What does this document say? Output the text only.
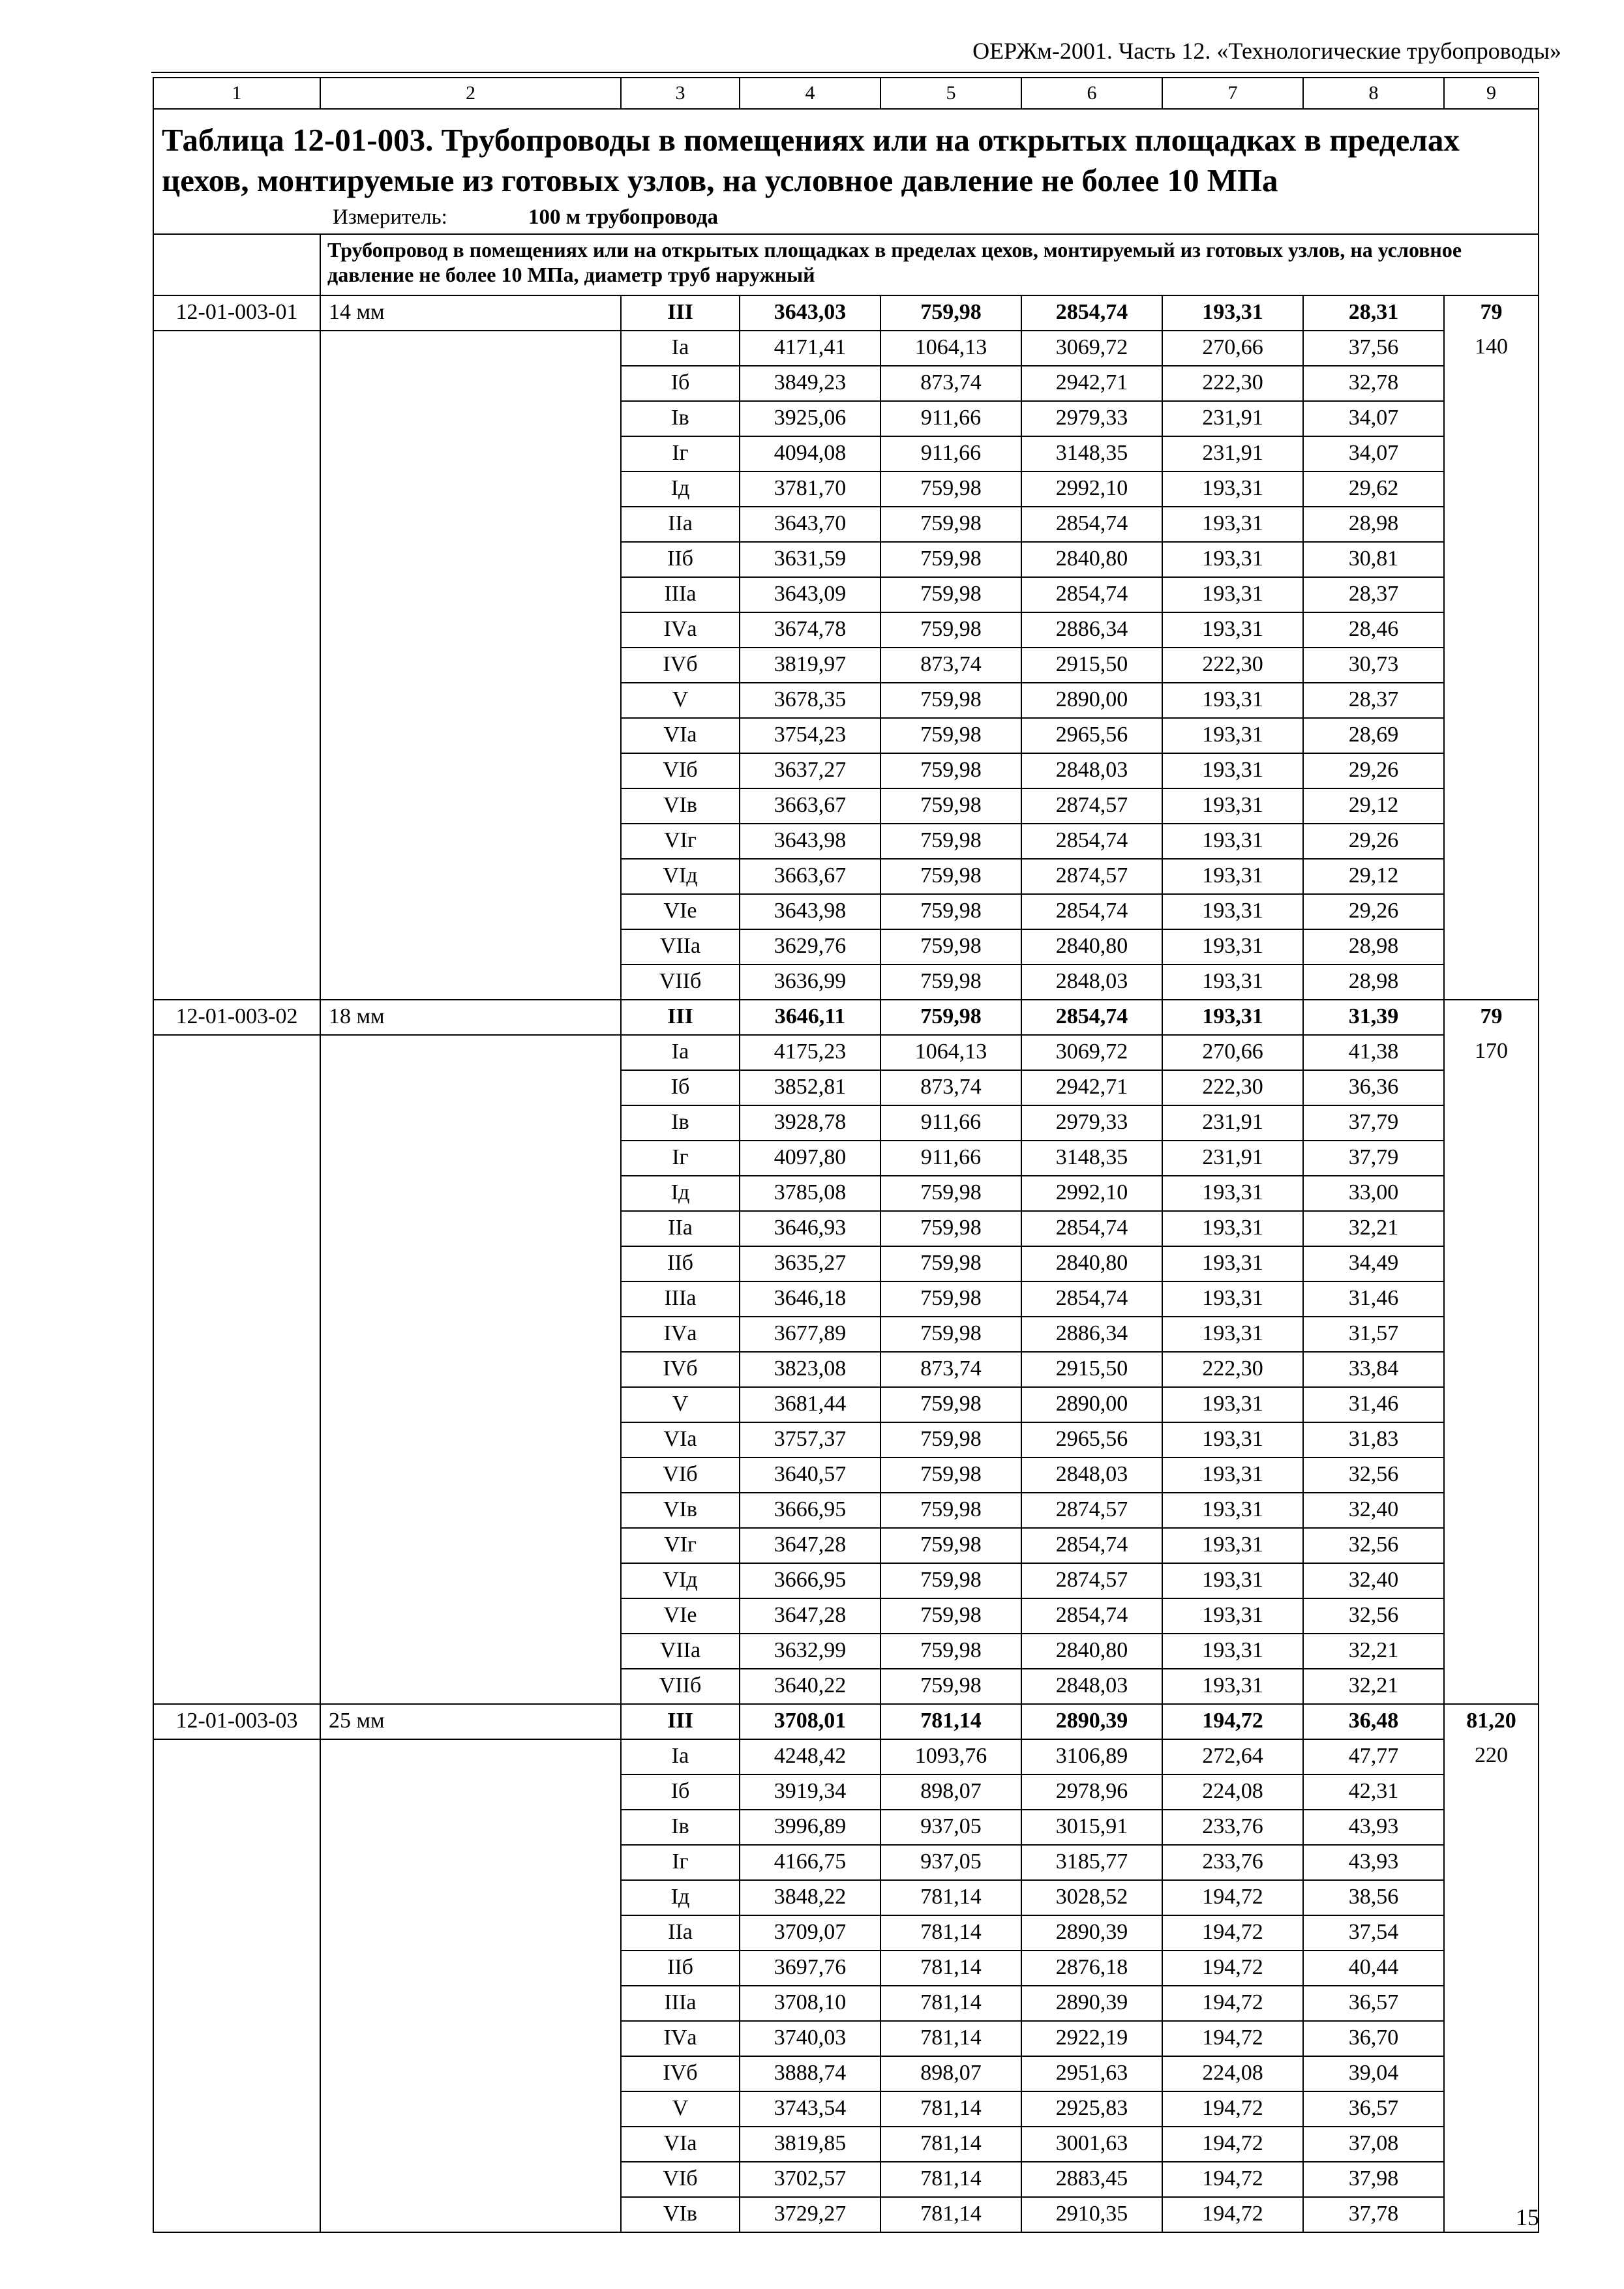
ОЕРЖм-2001. Часть 12. «Технологические трубопроводы»
1	2	3	4	5	6	7	8	9

Таблица 12-01-003. Трубопроводы в помещениях или на открытых площадках в пределах цехов, монтируемые из готовых узлов, на условное давление не более 10 МПа
Измеритель: 100 м трубопровода								

	Трубопровод в помещениях или на открытых площадках в пределах цехов, монтируемый из готовых узлов, на условное давление не более 10 МПа, диаметр труб наружный							
12-01-003-01	14 мм	III	3643,03	759,98	2854,74	193,31	28,31	79
		Iа	4171,41	1064,13	3069,72	270,66	37,56	140
		Iб	3849,23	873,74	2942,71	222,30	32,78	
		Iв	3925,06	911,66	2979,33	231,91	34,07	
		Iг	4094,08	911,66	3148,35	231,91	34,07	
		Iд	3781,70	759,98	2992,10	193,31	29,62	
		IIа	3643,70	759,98	2854,74	193,31	28,98	
		IIб	3631,59	759,98	2840,80	193,31	30,81	
		IIIа	3643,09	759,98	2854,74	193,31	28,37	
		IVа	3674,78	759,98	2886,34	193,31	28,46	
		IVб	3819,97	873,74	2915,50	222,30	30,73	
		V	3678,35	759,98	2890,00	193,31	28,37	
		VIа	3754,23	759,98	2965,56	193,31	28,69	
		VIб	3637,27	759,98	2848,03	193,31	29,26	
		VIв	3663,67	759,98	2874,57	193,31	29,12	
		VIг	3643,98	759,98	2854,74	193,31	29,26	
		VIд	3663,67	759,98	2874,57	193,31	29,12	
		VIе	3643,98	759,98	2854,74	193,31	29,26	
		VIIа	3629,76	759,98	2840,80	193,31	28,98	
		VIIб	3636,99	759,98	2848,03	193,31	28,98	
12-01-003-02	18 мм	III	3646,11	759,98	2854,74	193,31	31,39	79
		Iа	4175,23	1064,13	3069,72	270,66	41,38	170
		Iб	3852,81	873,74	2942,71	222,30	36,36	
		Iв	3928,78	911,66	2979,33	231,91	37,79	
		Iг	4097,80	911,66	3148,35	231,91	37,79	
		Iд	3785,08	759,98	2992,10	193,31	33,00	
		IIа	3646,93	759,98	2854,74	193,31	32,21	
		IIб	3635,27	759,98	2840,80	193,31	34,49	
		IIIа	3646,18	759,98	2854,74	193,31	31,46	
		IVа	3677,89	759,98	2886,34	193,31	31,57	
		IVб	3823,08	873,74	2915,50	222,30	33,84	
		V	3681,44	759,98	2890,00	193,31	31,46	
		VIа	3757,37	759,98	2965,56	193,31	31,83	
		VIб	3640,57	759,98	2848,03	193,31	32,56	
		VIв	3666,95	759,98	2874,57	193,31	32,40	
		VIг	3647,28	759,98	2854,74	193,31	32,56	
		VIд	3666,95	759,98	2874,57	193,31	32,40	
		VIе	3647,28	759,98	2854,74	193,31	32,56	
		VIIа	3632,99	759,98	2840,80	193,31	32,21	
		VIIб	3640,22	759,98	2848,03	193,31	32,21	
12-01-003-03	25 мм	III	3708,01	781,14	2890,39	194,72	36,48	81,20
		Iа	4248,42	1093,76	3106,89	272,64	47,77	220
		Iб	3919,34	898,07	2978,96	224,08	42,31	
		Iв	3996,89	937,05	3015,91	233,76	43,93	
		Iг	4166,75	937,05	3185,77	233,76	43,93	
		Iд	3848,22	781,14	3028,52	194,72	38,56	
		IIа	3709,07	781,14	2890,39	194,72	37,54	
		IIб	3697,76	781,14	2876,18	194,72	40,44	
		IIIа	3708,10	781,14	2890,39	194,72	36,57	
		IVа	3740,03	781,14	2922,19	194,72	36,70	
		IVб	3888,74	898,07	2951,63	224,08	39,04	
		V	3743,54	781,14	2925,83	194,72	36,57	
		VIа	3819,85	781,14	3001,63	194,72	37,08	
		VIб	3702,57	781,14	2883,45	194,72	37,98	
		VIв	3729,27	781,14	2910,35	194,72	37,78		15
